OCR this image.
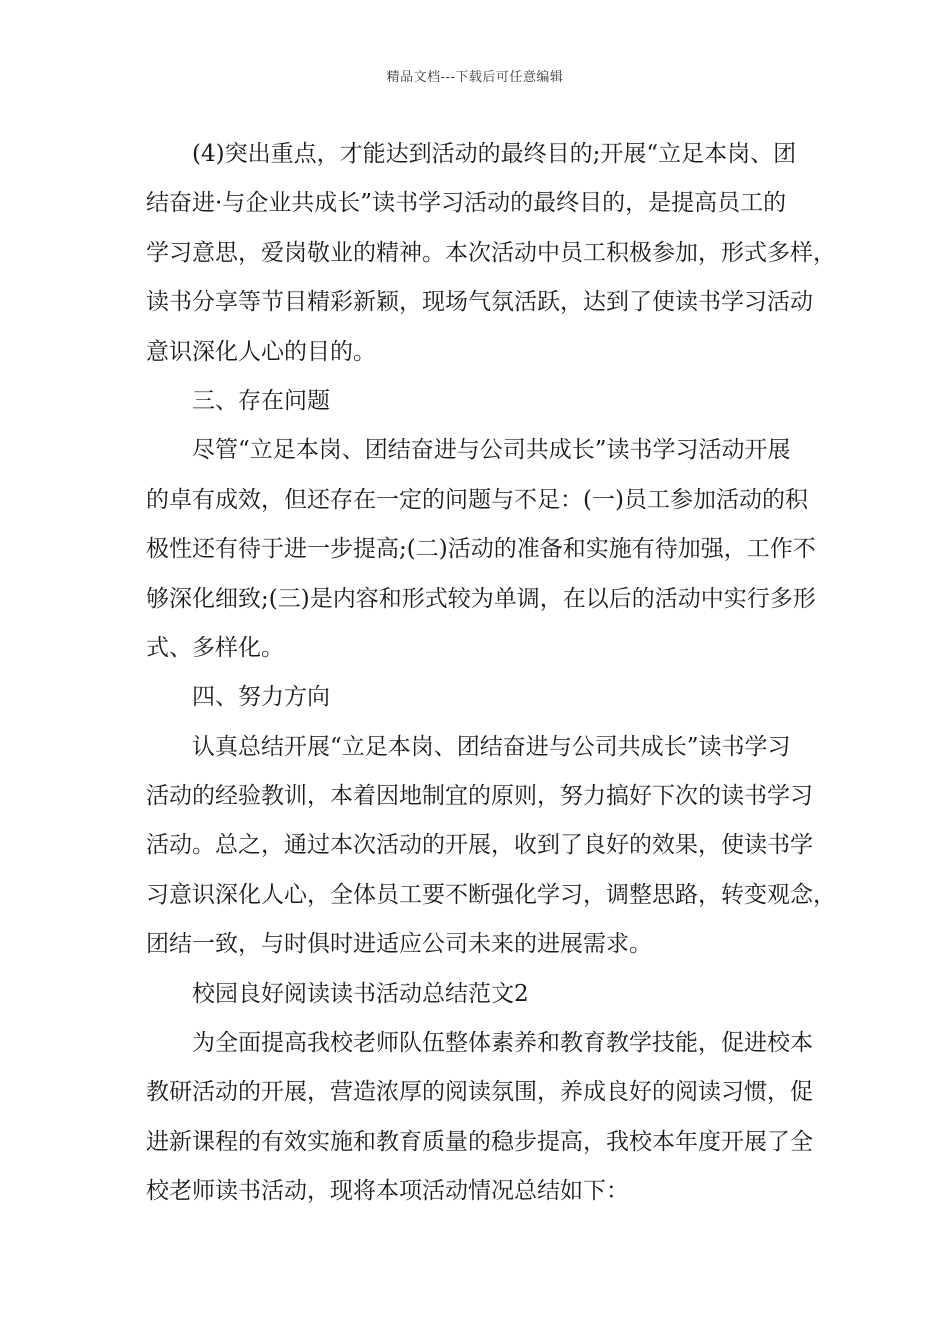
精品文档---下载后可任意编辑
(4)突出重点，才能达到活动的最终目的;开展“立足本岗、团
结奋进·与企业共成长”读书学习活动的最终目的，是提高员工的
学习意思，爱岗敬业的精神。本次活动中员工积极参加，形式多样，
读书分享等节目精彩新颖，现场气氛活跃，达到了使读书学习活动
意识深化人心的目的。
三、存在问题
尽管“立足本岗、团结奋进与公司共成长”读书学习活动开展
的卓有成效，但还存在一定的问题与不足：(一)员工参加活动的积
极性还有待于进一步提高;(二)活动的准备和实施有待加强，工作不
够深化细致;(三)是内容和形式较为单调，在以后的活动中实行多形
式、多样化。
四、努力方向
认真总结开展“立足本岗、团结奋进与公司共成长”读书学习
活动的经验教训，本着因地制宜的原则，努力搞好下次的读书学习
活动。总之，通过本次活动的开展，收到了良好的效果，使读书学
习意识深化人心，全体员工要不断强化学习，调整思路，转变观念，
团结一致，与时俱时进适应公司未来的进展需求。
校园良好阅读读书活动总结范文2
为全面提高我校老师队伍整体素养和教育教学技能，促进校本
教研活动的开展，营造浓厚的阅读氛围，养成良好的阅读习惯，促
进新课程的有效实施和教育质量的稳步提高，我校本年度开展了全
校老师读书活动，现将本项活动情况总结如下：
